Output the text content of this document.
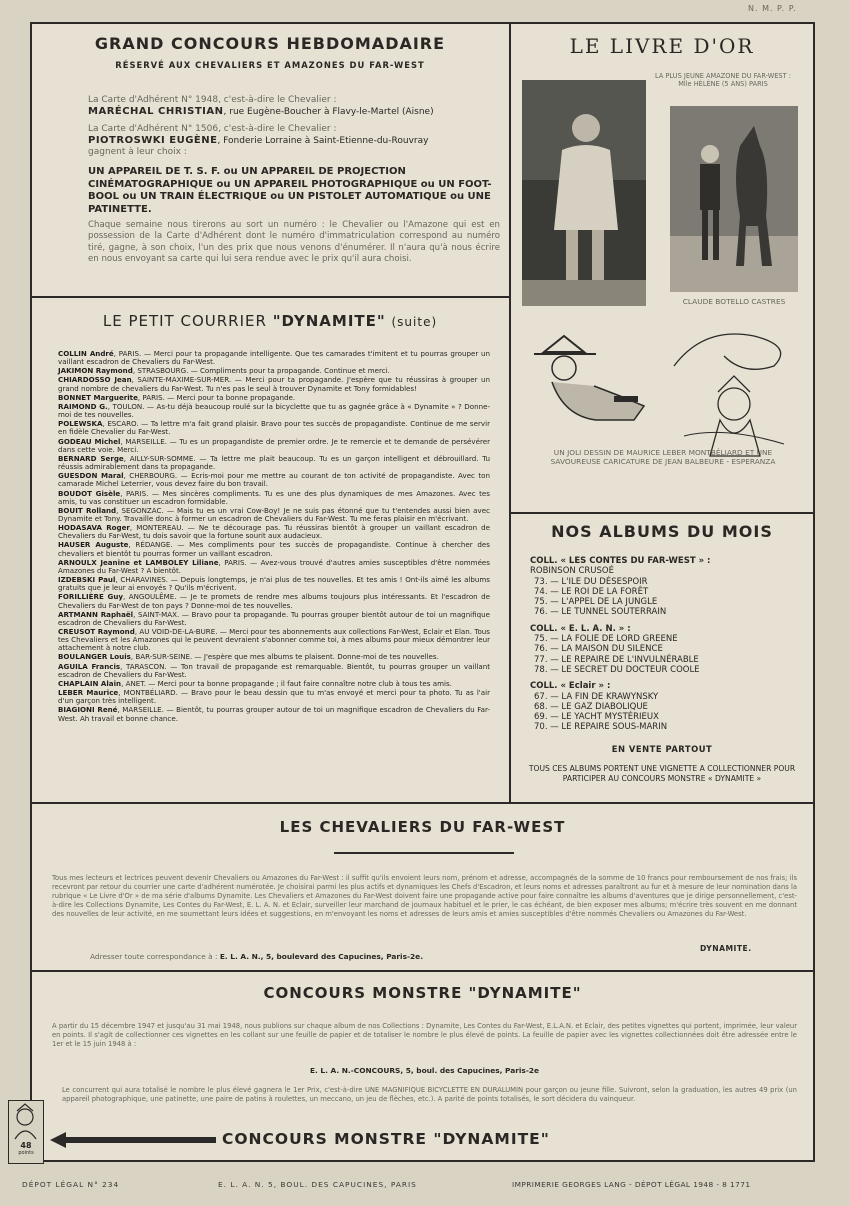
N. M. P. P.
GRAND CONCOURS HEBDOMADAIRE
RÉSERVÉ AUX CHEVALIERS ET AMAZONES DU FAR-WEST
La Carte d'Adhérent N° 1948, c'est-à-dire le Chevalier :
MARÉCHAL CHRISTIAN, rue Eugène-Boucher à Flavy-le-Martel (Aisne)
La Carte d'Adhérent N° 1506, c'est-à-dire le Chevalier :
PIOTROSWKI EUGÈNE, Fonderie Lorraine à Saint-Etienne-du-Rouvray
gagnent à leur choix :
UN APPAREIL DE T. S. F. ou UN APPAREIL DE PROJECTION CINÉMATOGRAPHIQUE ou UN APPAREIL PHOTOGRAPHIQUE ou UN FOOT-BOOL ou UN TRAIN ÉLECTRIQUE ou UN PISTOLET AUTOMATIQUE ou UNE PATINETTE.
Chaque semaine nous tirerons au sort un numéro : le Chevalier ou l'Amazone qui est en possession de la Carte d'Adhérent dont le numéro d'immatriculation correspond au numéro tiré, gagne, à son choix, l'un des prix que nous venons d'énumérer. Il n'aura qu'à nous écrire en nous envoyant sa carte qui lui sera rendue avec le prix qu'il aura choisi.
LE PETIT COURRIER "DYNAMITE" (suite)

COLLIN André, PARIS. — Merci pour ta propagande intelligente. Que tes camarades t'imitent et tu pourras grouper un vaillant escadron de Chevaliers du Far-West.

JAKIMON Raymond, STRASBOURG. — Compliments pour ta propagande. Continue et merci.

CHIARDOSSO Jean, SAINTE-MAXIME-SUR-MER. — Merci pour ta propagande. J'espère que tu réussiras à grouper un grand nombre de chevaliers du Far-West. Tu n'es pas le seul à trouver Dynamite et Tony formidables!

BONNET Marguerite, PARIS. — Merci pour ta bonne propagande.

RAIMOND G., TOULON. — As-tu déjà beaucoup roulé sur la bicyclette que tu as gagnée grâce à « Dynamite » ? Donne-moi de tes nouvelles.

POLEWSKA, ESCARO. — Ta lettre m'a fait grand plaisir. Bravo pour tes succès de propagandiste. Continue de me servir en fidèle Chevalier du Far-West.

GODEAU Michel, MARSEILLE. — Tu es un propagandiste de premier ordre. Je te remercie et te demande de persévérer dans cette voie. Merci.

BERNARD Serge, AILLY-SUR-SOMME. — Ta lettre me plait beaucoup. Tu es un garçon intelligent et débrouillard. Tu réussis admirablement dans ta propagande.

GUESDON Maral, CHERBOURG. — Ecris-moi pour me mettre au courant de ton activité de propagandiste. Avec ton camarade Michel Leterrier, vous devez faire du bon travail.

BOUDOT Gisèle, PARIS. — Mes sincères compliments. Tu es une des plus dynamiques de mes Amazones. Avec tes amis, tu vas constituer un escadron formidable.

BOUIT Rolland, SEGONZAC. — Mais tu es un vrai Cow-Boy! Je ne suis pas étonné que tu t'entendes aussi bien avec Dynamite et Tony. Travaille donc à former un escadron de Chevaliers du Far-West. Tu me feras plaisir en m'écrivant.

HODASAVA Roger, MONTEREAU. — Ne te décourage pas. Tu réussiras bientôt à grouper un vaillant escadron de Chevaliers du Far-West, tu dois savoir que la fortune sourit aux audacieux.

HAUSER Auguste, RÉDANGE. — Mes compliments pour tes succès de propagandiste. Continue à chercher des chevaliers et bientôt tu pourras former un vaillant escadron.

ARNOULX Jeanine et LAMBOLEY Liliane, PARIS. — Avez-vous trouvé d'autres amies susceptibles d'être nommées Amazones du Far-West ? A bientôt.

IZDEBSKI Paul, CHARAVINES. — Depuis longtemps, je n'ai plus de tes nouvelles. Et tes amis ! Ont-ils aimé les albums gratuits que je leur ai envoyés ? Qu'ils m'écrivent.

FORILLIÈRE Guy, ANGOULÊME. — Je te promets de rendre mes albums toujours plus intéressants. Et l'escadron de Chevaliers du Far-West de ton pays ? Donne-moi de tes nouvelles.

ARTMANN Raphaël, SAINT-MAX. — Bravo pour ta propagande. Tu pourras grouper bientôt autour de toi un magnifique escadron de Chevaliers du Far-West.

CREUSOT Raymond, AU VOID-DE-LA-BURE. — Merci pour tes abonnements aux collections Far-West, Eclair et Elan. Tous tes Chevaliers et les Amazones qui le peuvent devraient s'abonner comme toi, à mes albums pour mieux démontrer leur attachement à notre club.

BOULANGER Louis, BAR-SUR-SEINE. — J'espère que mes albums te plaisent. Donne-moi de tes nouvelles.

AGUILA Francis, TARASCON. — Ton travail de propagande est remarquable. Bientôt, tu pourras grouper un vaillant escadron de Chevaliers du Far-West.

CHAPLAIN Alain, ANET. — Merci pour ta bonne propagande ; il faut faire connaître notre club à tous tes amis.

LEBER Maurice, MONTBÉLIARD. — Bravo pour le beau dessin que tu m'as envoyé et merci pour ta photo. Tu as l'air d'un garçon très intelligent.

BIAGIONI René, MARSEILLE. — Bientôt, tu pourras grouper autour de toi un magnifique escadron de Chevaliers du Far-West. Ah travail et bonne chance.

LE LIVRE D'OR
LA PLUS JEUNE AMAZONE DU FAR-WEST : Mlle HÉLÈNE (5 ANS) PARIS
CLAUDE BOTELLO CASTRES
UN JOLI DESSIN DE MAURICE LEBER MONTBÉLIARD ET UNE SAVOUREUSE CARICATURE DE JEAN BALBEURE - ESPERANZA
NOS ALBUMS DU MOIS
COLL. « LES CONTES DU FAR-WEST » :
ROBINSON CRUSOÉ
73. — L'ILE DU DÉSESPOIR
74. — LE ROI DE LA FORÊT
75. — L'APPEL DE LA JUNGLE
76. — LE TUNNEL SOUTERRAIN
COLL. « E. L. A. N. » :
75. — LA FOLIE DE LORD GREENE
76. — LA MAISON DU SILENCE
77. — LE REPAIRE DE L'INVULNÉRABLE
78. — LE SECRET DU DOCTEUR COOLE
COLL. « Eclair » :
67. — LA FIN DE KRAWYNSKY
68. — LE GAZ DIABOLIQUE
69. — LE YACHT MYSTÉRIEUX
70. — LE REPAIRE SOUS-MARIN
EN VENTE PARTOUT
TOUS CES ALBUMS PORTENT UNE VIGNETTE A COLLECTIONNER POUR PARTICIPER AU CONCOURS MONSTRE « DYNAMITE »
LES CHEVALIERS DU FAR-WEST
Tous mes lecteurs et lectrices peuvent devenir Chevaliers ou Amazones du Far-West : il suffit qu'ils envoient leurs nom, prénom et adresse, accompagnés de la somme de 10 francs pour remboursement de nos frais; ils recevront par retour du courrier une carte d'adhérent numérotée. Je choisirai parmi les plus actifs et dynamiques les Chefs d'Escadron, et leurs noms et adresses paraîtront au fur et à mesure de leur nomination dans la rubrique « Le Livre d'Or » de ma série d'albums Dynamite. Les Chevaliers et Amazones du Far-West doivent faire une propagande active pour faire connaître les albums d'aventures que je dirige personnellement, c'est-à-dire les Collections Dynamite, Les Contes du Far-West, E. L. A. N. et Eclair, surveiller leur marchand de journaux habituel et le prier, le cas échéant, de bien exposer mes albums; m'écrire très souvent en me donnant des nouvelles de leur activité, en me soumettant leurs idées et suggestions, en m'envoyant les noms et adresses de leurs amis et amies susceptibles d'être nommés Chevaliers ou Amazones du Far-West.
Adresser toute correspondance à : E. L. A. N., 5, boulevard des Capucines, Paris-2e.
DYNAMITE.
CONCOURS MONSTRE "DYNAMITE"
A partir du 15 décembre 1947 et jusqu'au 31 mai 1948, nous publions sur chaque album de nos Collections : Dynamite, Les Contes du Far-West, E.L.A.N. et Eclair, des petites vignettes qui portent, imprimée, leur valeur en points. Il s'agit de collectionner ces vignettes en les collant sur une feuille de papier et de totaliser le nombre le plus élevé de points. La feuille de papier avec les vignettes collectionnées doit être adressée entre le 1er et le 15 juin 1948 à :
E. L. A. N.-CONCOURS, 5, boul. des Capucines, Paris-2e
Le concurrent qui aura totalisé le nombre le plus élevé gagnera le 1er Prix, c'est-à-dire UNE MAGNIFIQUE BICYCLETTE EN DURALUMIN pour garçon ou jeune fille. Suivront, selon la graduation, les autres 49 prix (un appareil photographique, une patinette, une paire de patins à roulettes, un meccano, un jeu de flèches, etc.). A parité de points totalisés, le sort décidera du vainqueur.
48
points
CONCOURS MONSTRE "DYNAMITE"
DÉPOT LÉGAL N° 234	E. L. A. N. 5, BOUL. DES CAPUCINES, PARIS	IMPRIMERIE GEORGES LANG - DÉPOT LÉGAL 1948 - 8 1771
